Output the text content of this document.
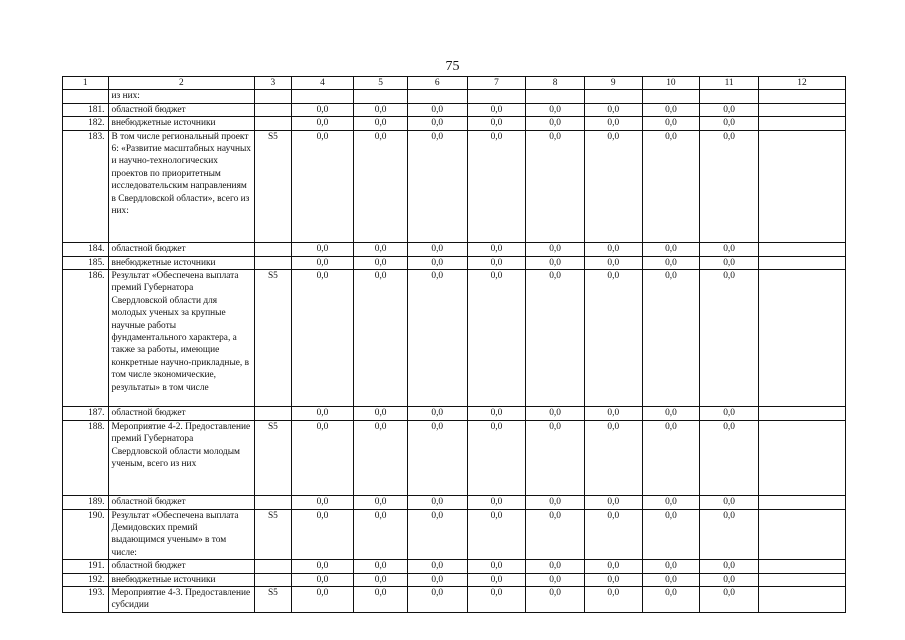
75
1	2	3	4	5	6	7	8	9	10	11	12
	из них:										
181.	областной бюджет		0,0	0,0	0,0	0,0	0,0	0,0	0,0	0,0	
182.	внебюджетные источники		0,0	0,0	0,0	0,0	0,0	0,0	0,0	0,0	
183.	В том числе региональный проект 6: «Развитие масштабных научных и научно-технологических проектов по приоритетным исследовательским направлениям в Свердловской области», всего из них:	S5	0,0	0,0	0,0	0,0	0,0	0,0	0,0	0,0	
184.	областной бюджет		0,0	0,0	0,0	0,0	0,0	0,0	0,0	0,0	
185.	внебюджетные источники		0,0	0,0	0,0	0,0	0,0	0,0	0,0	0,0	
186.	Результат «Обеспечена выплата премий Губернатора Свердловской области для молодых ученых за крупные научные работы фундаментального характера, а также за работы, имеющие конкретные научно-прикладные, в том числе экономические, результаты» в том числе	S5	0,0	0,0	0,0	0,0	0,0	0,0	0,0	0,0	
187.	областной бюджет		0,0	0,0	0,0	0,0	0,0	0,0	0,0	0,0	
188.	Мероприятие 4-2. Предоставление премий Губернатора Свердловской области молодым ученым, всего из них	S5	0,0	0,0	0,0	0,0	0,0	0,0	0,0	0,0	
189.	областной бюджет		0,0	0,0	0,0	0,0	0,0	0,0	0,0	0,0	
190.	Результат «Обеспечена выплата Демидовских премий выдающимся ученым» в том числе:	S5	0,0	0,0	0,0	0,0	0,0	0,0	0,0	0,0	
191.	областной бюджет		0,0	0,0	0,0	0,0	0,0	0,0	0,0	0,0	
192.	внебюджетные источники		0,0	0,0	0,0	0,0	0,0	0,0	0,0	0,0	
193.	Мероприятие 4-3. Предоставление субсидии	S5	0,0	0,0	0,0	0,0	0,0	0,0	0,0	0,0	
